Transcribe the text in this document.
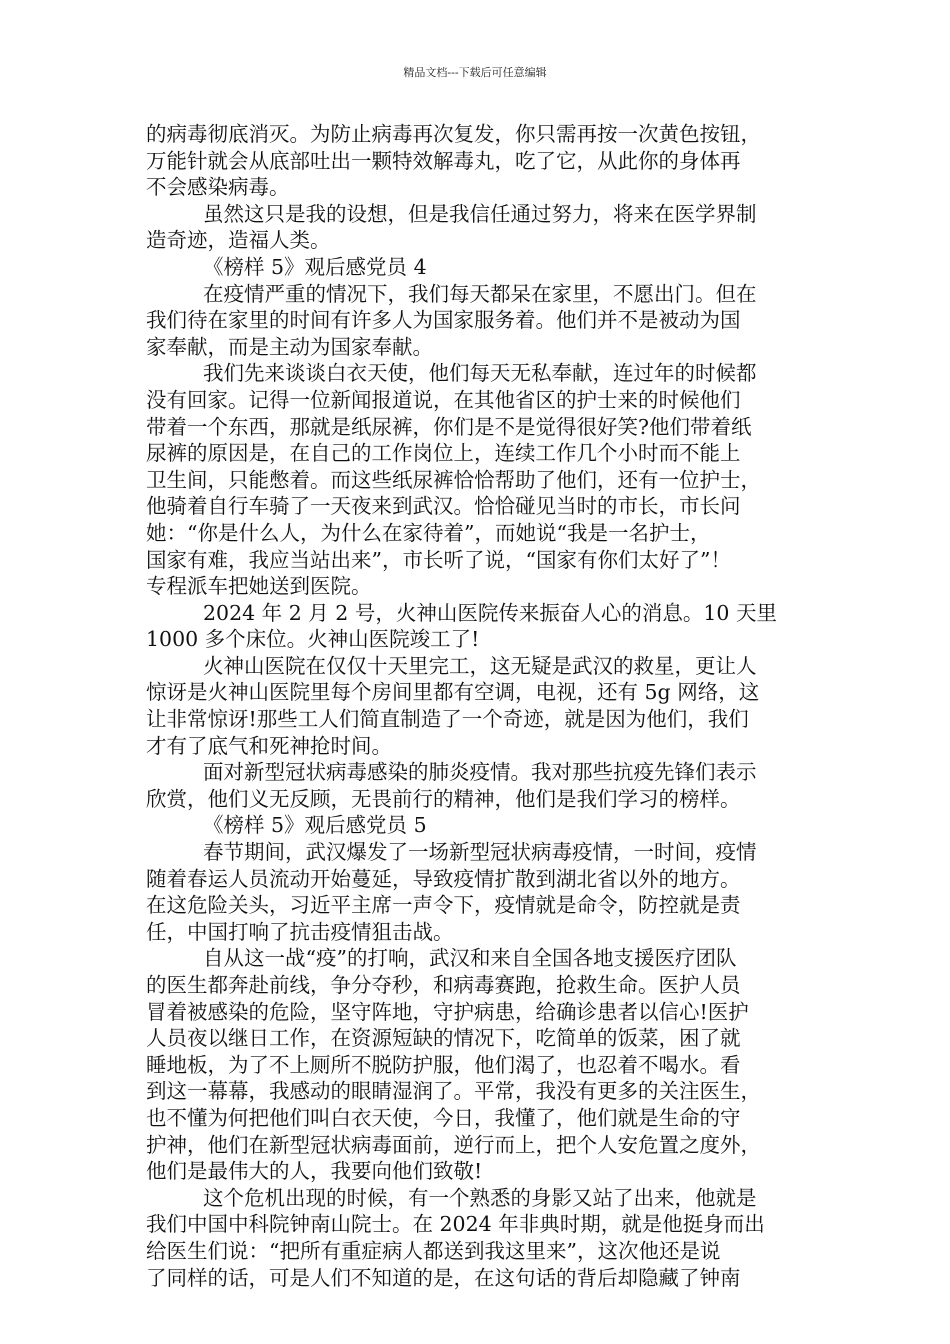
精品文档---下载后可任意编辑
的病毒彻底消灭。为防止病毒再次复发，你只需再按一次黄色按钮，
万能针就会从底部吐出一颗特效解毒丸，吃了它，从此你的身体再
不会感染病毒。
虽然这只是我的设想，但是我信任通过努力，将来在医学界制
造奇迹，造福人类。
《榜样 5》观后感党员 4
在疫情严重的情况下，我们每天都呆在家里，不愿出门。但在
我们待在家里的时间有许多人为国家服务着。他们并不是被动为国
家奉献，而是主动为国家奉献。
我们先来谈谈白衣天使，他们每天无私奉献，连过年的时候都
没有回家。记得一位新闻报道说，在其他省区的护士来的时候他们
带着一个东西，那就是纸尿裤，你们是不是觉得很好笑?他们带着纸
尿裤的原因是，在自己的工作岗位上，连续工作几个小时而不能上
卫生间，只能憋着。而这些纸尿裤恰恰帮助了他们，还有一位护士，
他骑着自行车骑了一天夜来到武汉。恰恰碰见当时的市长，市长问
她：“你是什么人，为什么在家待着”，而她说“我是一名护士，
国家有难，我应当站出来”，市长听了说，“国家有你们太好了”！
专程派车把她送到医院。
2024 年 2 月 2 号，火神山医院传来振奋人心的消息。10 天里
1000 多个床位。火神山医院竣工了!
火神山医院在仅仅十天里完工，这无疑是武汉的救星，更让人
惊讶是火神山医院里每个房间里都有空调，电视，还有 5g 网络，这
让非常惊讶!那些工人们简直制造了一个奇迹，就是因为他们，我们
才有了底气和死神抢时间。
面对新型冠状病毒感染的肺炎疫情。我对那些抗疫先锋们表示
欣赏，他们义无反顾，无畏前行的精神，他们是我们学习的榜样。
《榜样 5》观后感党员 5
春节期间，武汉爆发了一场新型冠状病毒疫情，一时间，疫情
随着春运人员流动开始蔓延，导致疫情扩散到湖北省以外的地方。
在这危险关头，习近平主席一声令下，疫情就是命令，防控就是责
任，中国打响了抗击疫情狙击战。
自从这一战“疫”的打响，武汉和来自全国各地支援医疗团队
的医生都奔赴前线，争分夺秒，和病毒赛跑，抢救生命。医护人员
冒着被感染的危险，坚守阵地，守护病患，给确诊患者以信心!医护
人员夜以继日工作，在资源短缺的情况下，吃简单的饭菜，困了就
睡地板，为了不上厕所不脱防护服，他们渴了，也忍着不喝水。看
到这一幕幕，我感动的眼睛湿润了。平常，我没有更多的关注医生，
也不懂为何把他们叫白衣天使，今日，我懂了，他们就是生命的守
护神，他们在新型冠状病毒面前，逆行而上，把个人安危置之度外，
他们是最伟大的人，我要向他们致敬!
这个危机出现的时候，有一个熟悉的身影又站了出来，他就是
我们中国中科院钟南山院士。在 2024 年非典时期，就是他挺身而出
给医生们说：“把所有重症病人都送到我这里来”，这次他还是说
了同样的话，可是人们不知道的是，在这句话的背后却隐藏了钟南
